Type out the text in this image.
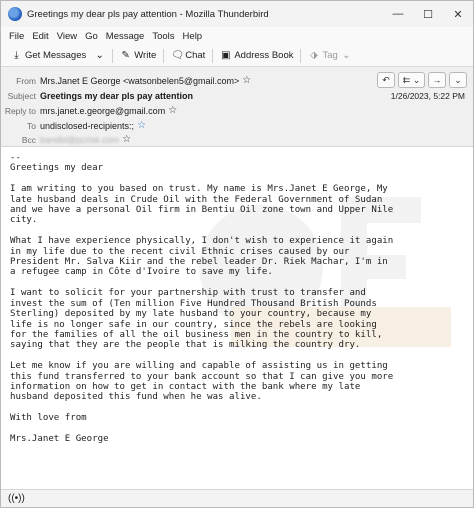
Greetings my dear pls pay attention - Mozilla Thunderbird	—	☐	✕
File Edit View Go Message Tools Help
⤓ Get Messages ⌄ ✎ Write 🗨 Chat ▣ Address Book ⬗ Tag ⌄
From Mrs.Janet E George <watsonbelen5@gmail.com> ☆
Subject Greetings my dear pls pay attention
Reply to mrs.janet.e.george@gmail.com ☆
To undisclosed-recipients:; ☆
Bcc bandid@pcrisk.com ☆
↶ ⇇ ⌄ → ⌄
1/26/2023, 5:22 PM
--
Greetings my dear

I am writing to you based on trust. My name is Mrs.Janet E George, My
late husband deals in Crude Oil with the Federal Government of Sudan
and we have a personal Oil firm in Bentiu Oil zone town and Upper Nile
city.

What I have experience physically, I don't wish to experience it again
in my life due to the recent civil Ethnic crises caused by our
President Mr. Salva Kiir and the rebel leader Dr. Riek Machar, I'm in
a refugee camp in Côte d'Ivoire to save my life.

I want to solicit for your partnership with trust to transfer and
invest the sum of (Ten million Five Hundred Thousand British Pounds
Sterling) deposited by my late husband to your country, because my
life is no longer safe in our country, since the rebels are looking
for the families of all the oil business men in the country to kill,
saying that they are the people that is milking the country dry.

Let me know if you are willing and capable of assisting us in getting
this fund transferred to your bank account so that I can give you more
information on how to get in contact with the bank where my late
husband deposited this fund when he was alive.

With love from

Mrs.Janet E George
((•))
